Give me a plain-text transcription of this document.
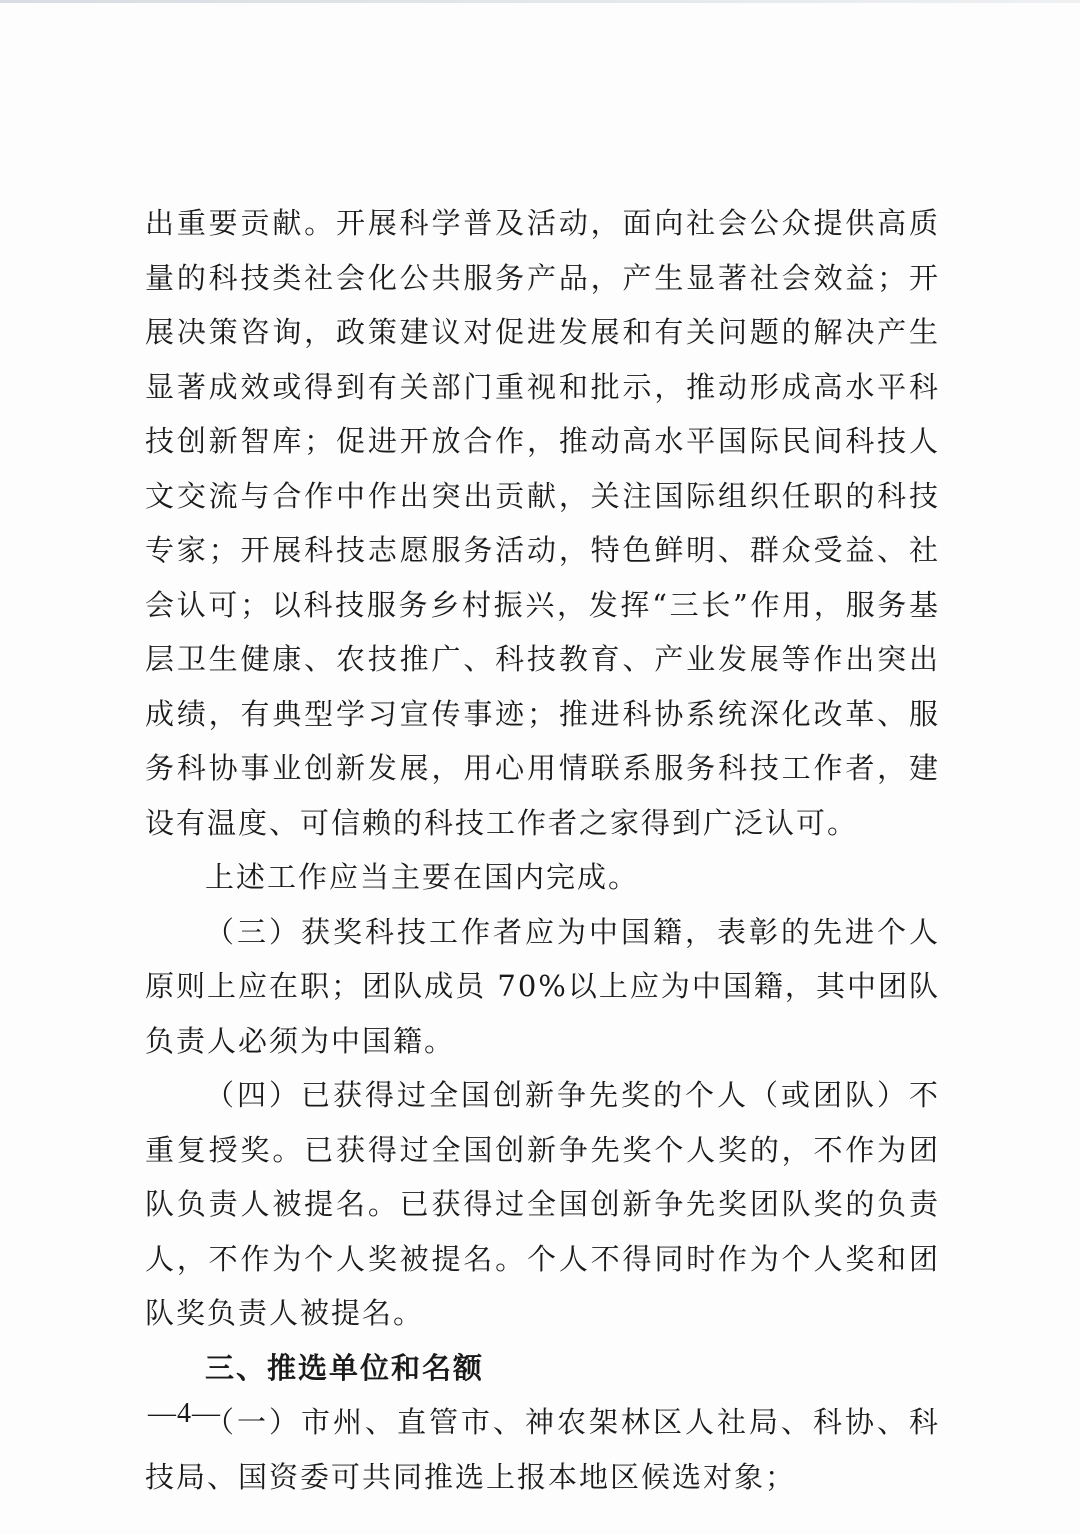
出重要贡献。开展科学普及活动，面向社会公众提供高质量的科技类社会化公共服务产品，产生显著社会效益；开展决策咨询，政策建议对促进发展和有关问题的解决产生显著成效或得到有关部门重视和批示，推动形成高水平科技创新智库；促进开放合作，推动高水平国际民间科技人文交流与合作中作出突出贡献，关注国际组织任职的科技专家；开展科技志愿服务活动，特色鲜明、群众受益、社会认可；以科技服务乡村振兴，发挥“三长”作用，服务基层卫生健康、农技推广、科技教育、产业发展等作出突出成绩，有典型学习宣传事迹；推进科协系统深化改革、服务科协事业创新发展，用心用情联系服务科技工作者，建设有温度、可信赖的科技工作者之家得到广泛认可。

上述工作应当主要在国内完成。

（三）获奖科技工作者应为中国籍，表彰的先进个人原则上应在职；团队成员 70%以上应为中国籍，其中团队负责人必须为中国籍。

（四）已获得过全国创新争先奖的个人（或团队）不重复授奖。已获得过全国创新争先奖个人奖的，不作为团队负责人被提名。已获得过全国创新争先奖团队奖的负责人，不作为个人奖被提名。个人不得同时作为个人奖和团队奖负责人被提名。

三、推选单位和名额

（一）市州、直管市、神农架林区人社局、科协、科技局、国资委可共同推选上报本地区候选对象；

—4—
